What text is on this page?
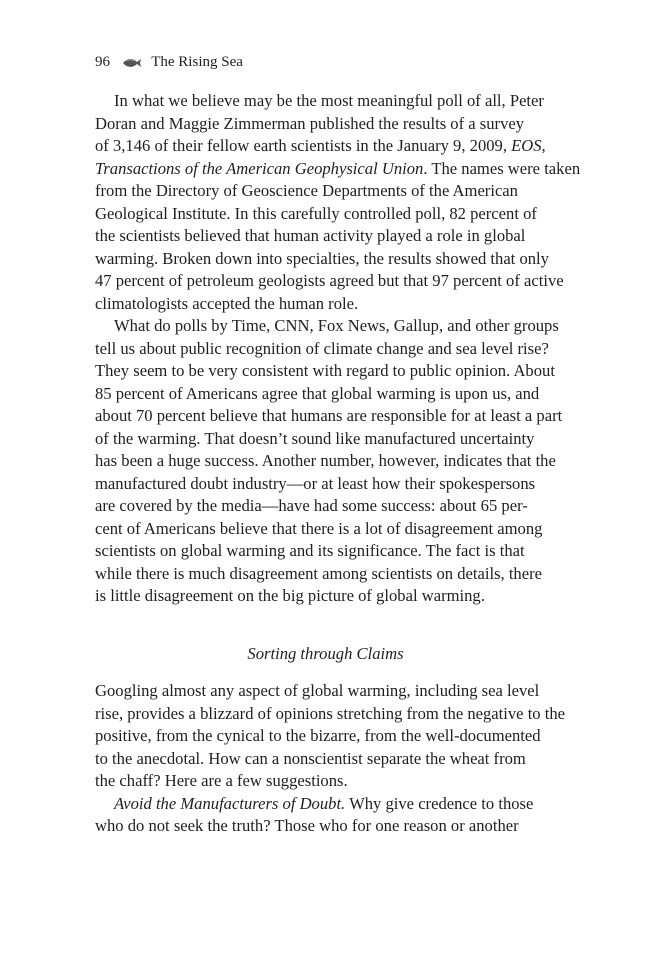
96	The Rising Sea
In what we believe may be the most meaningful poll of all, Peter
Doran and Maggie Zimmerman published the results of a survey
of 3,146 of their fellow earth scientists in the January 9, 2009, EOS,
Transactions of the American Geophysical Union. The names were taken
from the Directory of Geoscience Departments of the American
Geological Institute. In this carefully controlled poll, 82 percent of
the scientists believed that human activity played a role in global
warming. Broken down into specialties, the results showed that only
47 percent of petroleum geologists agreed but that 97 percent of active
climatologists accepted the human role.
What do polls by Time, CNN, Fox News, Gallup, and other groups
tell us about public recognition of climate change and sea level rise?
They seem to be very consistent with regard to public opinion. About
85 percent of Americans agree that global warming is upon us, and
about 70 percent believe that humans are responsible for at least a part
of the warming. That doesn’t sound like manufactured uncertainty
has been a huge success. Another number, however, indicates that the
manufactured doubt industry—or at least how their spokespersons
are covered by the media—have had some success: about 65 per-
cent of Americans believe that there is a lot of disagreement among
scientists on global warming and its significance. The fact is that
while there is much disagreement among scientists on details, there
is little disagreement on the big picture of global warming.
Sorting through Claims
Googling almost any aspect of global warming, including sea level
rise, provides a blizzard of opinions stretching from the negative to the
positive, from the cynical to the bizarre, from the well-documented
to the anecdotal. How can a nonscientist separate the wheat from
the chaff? Here are a few suggestions.
Avoid the Manufacturers of Doubt. Why give credence to those
who do not seek the truth? Those who for one reason or another
